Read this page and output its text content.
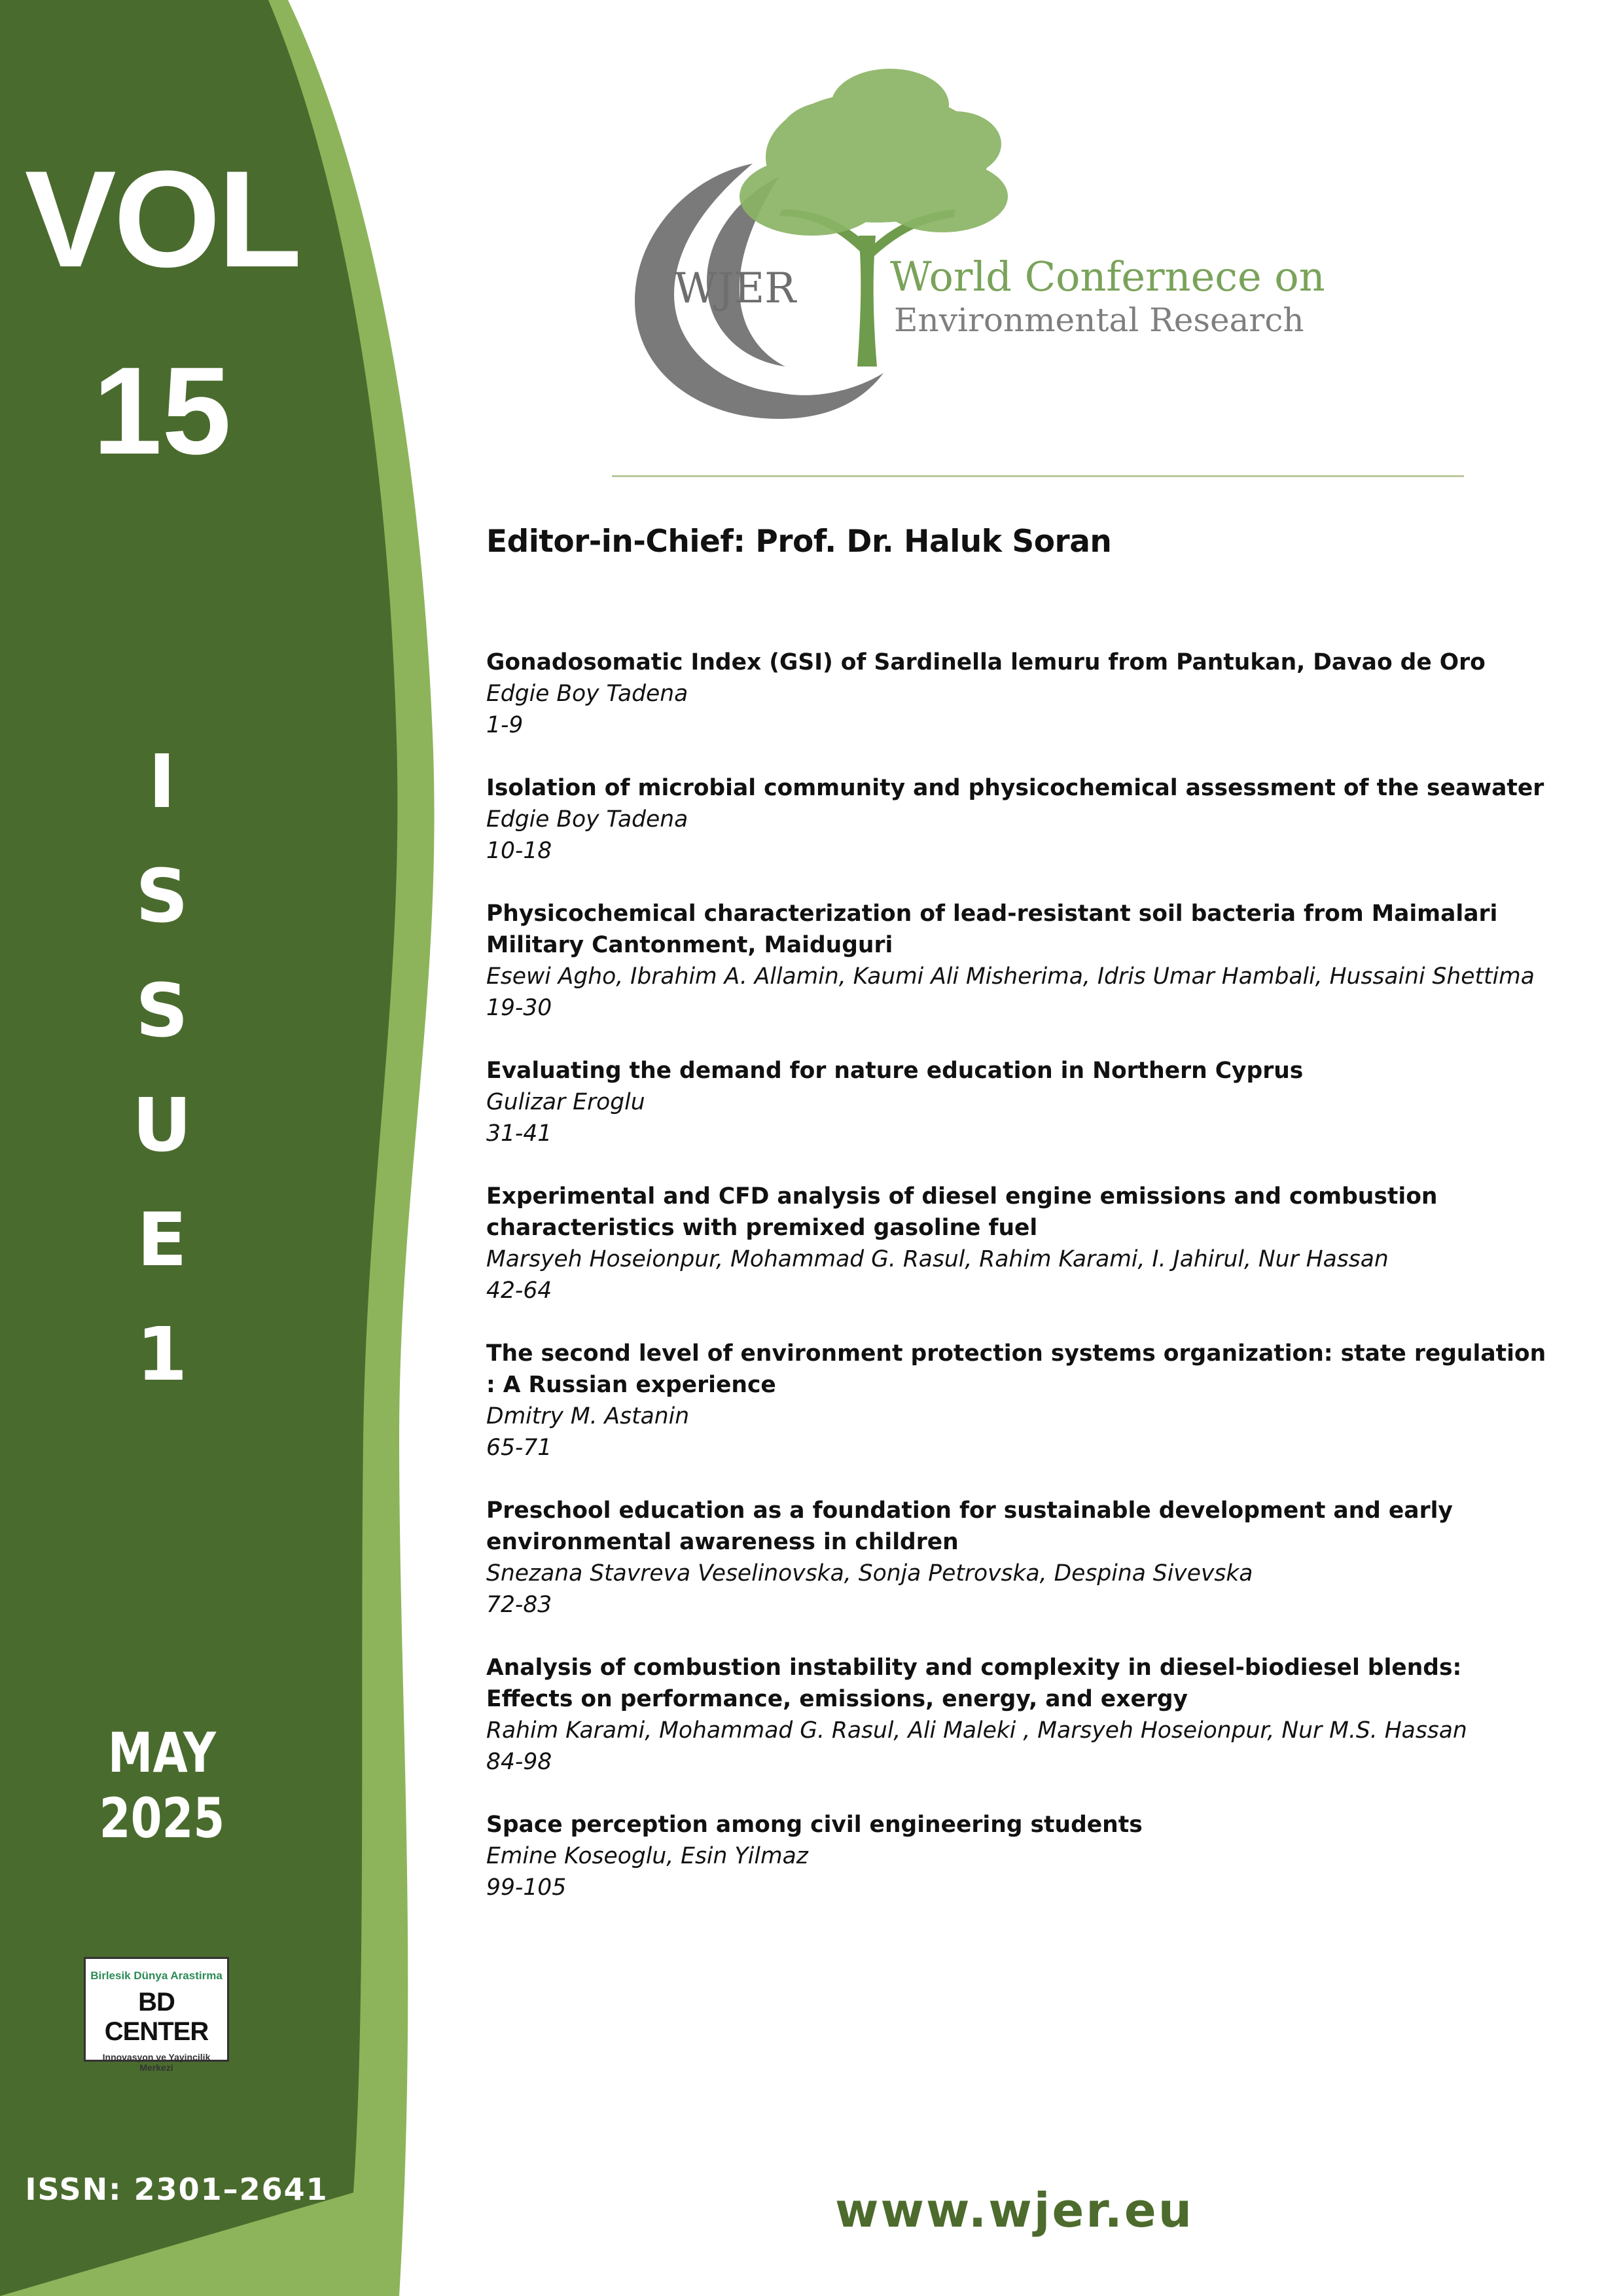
VOL
15
I
S
S
U
E
1
MAY
2025
Birlesik Dünya Arastirma
BD CENTER
Innovasyon ve Yayincilik Merkezi
ISSN: 2301–2641
WJER World Confernece on
Environmental Research
Editor-in-Chief: Prof. Dr. Haluk Soran
Gonadosomatic Index (GSI) of Sardinella lemuru from Pantukan, Davao de Oro
Edgie Boy Tadena
1-9
Isolation of microbial community and physicochemical assessment of the seawater
Edgie Boy Tadena
10-18
Physicochemical characterization of lead-resistant soil bacteria from Maimalari Military Cantonment, Maiduguri
Esewi Agho, Ibrahim A. Allamin, Kaumi Ali Misherima, Idris Umar Hambali, Hussaini Shettima
19-30
Evaluating the demand for nature education in Northern Cyprus
Gulizar Eroglu
31-41
Experimental and CFD analysis of diesel engine emissions and combustion characteristics with premixed gasoline fuel
Marsyeh Hoseionpur, Mohammad G. Rasul, Rahim Karami, I. Jahirul, Nur Hassan
42-64
The second level of environment protection systems organization: state regulation : A Russian experience
Dmitry M. Astanin
65-71
Preschool education as a foundation for sustainable development and early environmental awareness in children
Snezana Stavreva Veselinovska, Sonja Petrovska, Despina Sivevska
72-83
Analysis of combustion instability and complexity in diesel-biodiesel blends: Effects on performance, emissions, energy, and exergy
Rahim Karami, Mohammad G. Rasul, Ali Maleki , Marsyeh Hoseionpur, Nur M.S. Hassan
84-98
Space perception among civil engineering students
Emine Koseoglu, Esin Yilmaz
99-105
www.wjer.eu
